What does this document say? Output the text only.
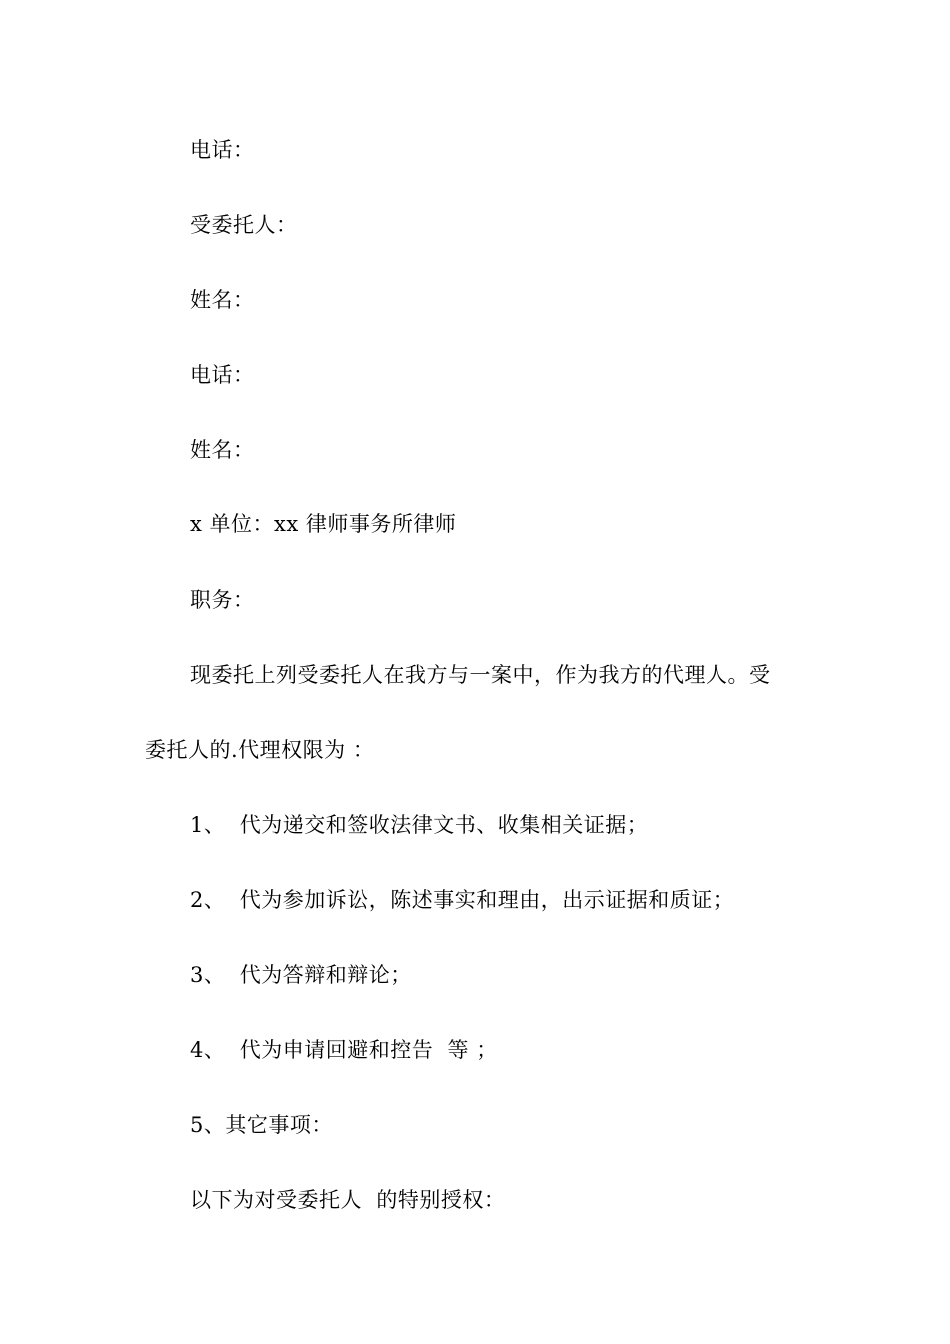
电话：
受委托人：
姓名：
电话：
姓名：
x 单位：xx 律师事务所律师
职务：
现委托上列受委托人在我方与一案中，作为我方的代理人。受
委托人的.代理权限为 ：
1、  代为递交和签收法律文书、收集相关证据；
2、  代为参加诉讼，陈述事实和理由，出示证据和质证；
3、  代为答辩和辩论；
4、  代为申请回避和控告  等 ；
5、其它事项：
以下为对受委托人  的特别授权：
